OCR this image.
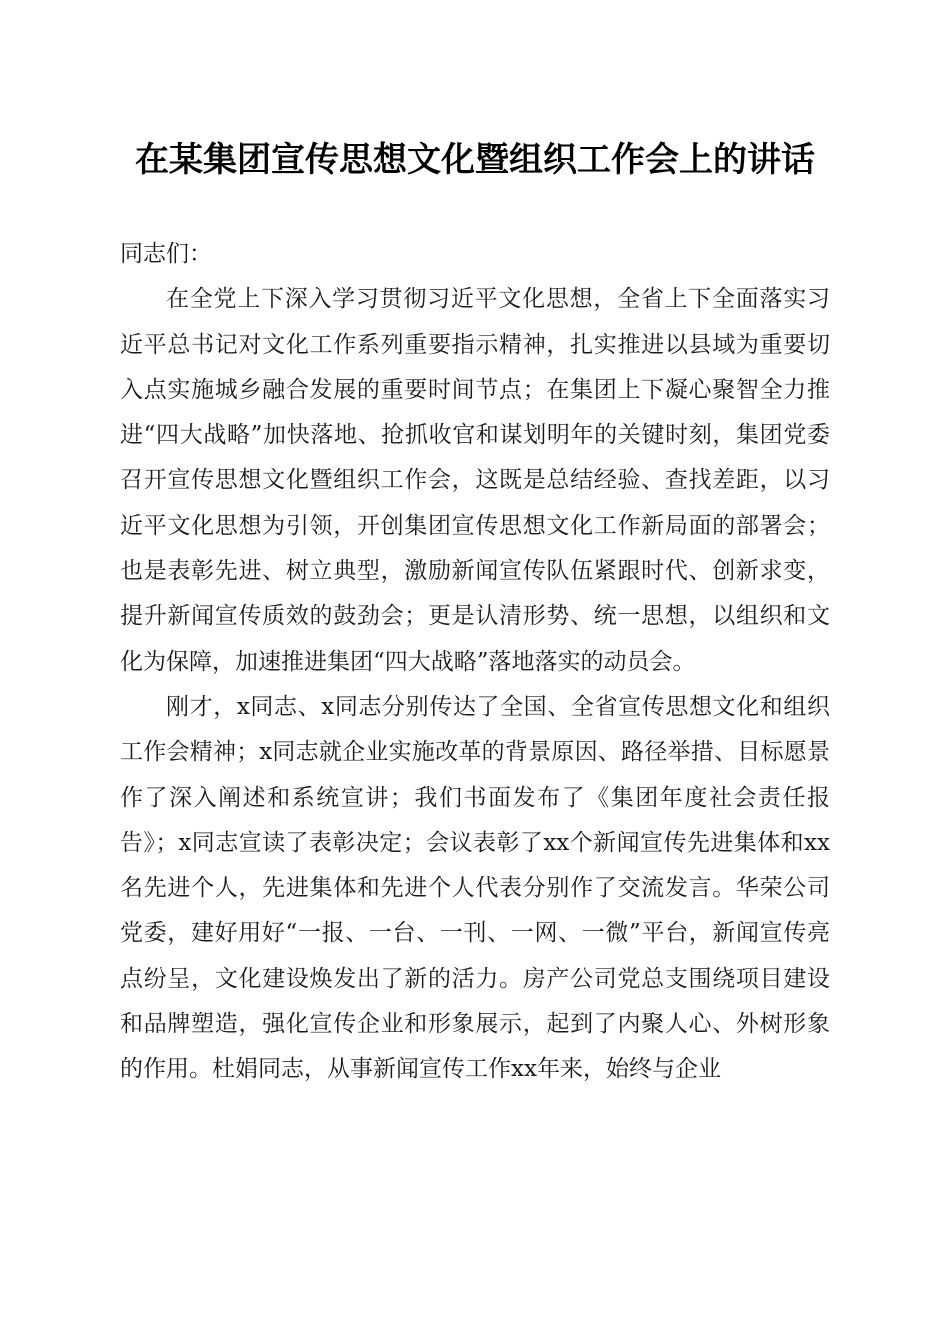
在某集团宣传思想文化暨组织工作会上的讲话

同志们：

在全党上下深入学习贯彻习近平文化思想，全省上下全面落实习近平总书记对文化工作系列重要指示精神，扎实推进以县域为重要切入点实施城乡融合发展的重要时间节点；在集团上下凝心聚智全力推进“四大战略”加快落地、抢抓收官和谋划明年的关键时刻，集团党委召开宣传思想文化暨组织工作会，这既是总结经验、查找差距，以习近平文化思想为引领，开创集团宣传思想文化工作新局面的部署会；也是表彰先进、树立典型，激励新闻宣传队伍紧跟时代、创新求变，提升新闻宣传质效的鼓劲会；更是认清形势、统一思想，以组织和文化为保障，加速推进集团“四大战略”落地落实的动员会。

刚才，x同志、x同志分别传达了全国、全省宣传思想文化和组织工作会精神；x同志就企业实施改革的背景原因、路径举措、目标愿景作了深入阐述和系统宣讲；我们书面发布了《集团年度社会责任报告》；x同志宣读了表彰决定；会议表彰了xx个新闻宣传先进集体和xx名先进个人，先进集体和先进个人代表分别作了交流发言。华荣公司党委，建好用好“一报、一台、一刊、一网、一微”平台，新闻宣传亮点纷呈，文化建设焕发出了新的活力。房产公司党总支围绕项目建设和品牌塑造，强化宣传企业和形象展示，起到了内聚人心、外树形象的作用。杜娟同志，从事新闻宣传工作xx年来，始终与企业
